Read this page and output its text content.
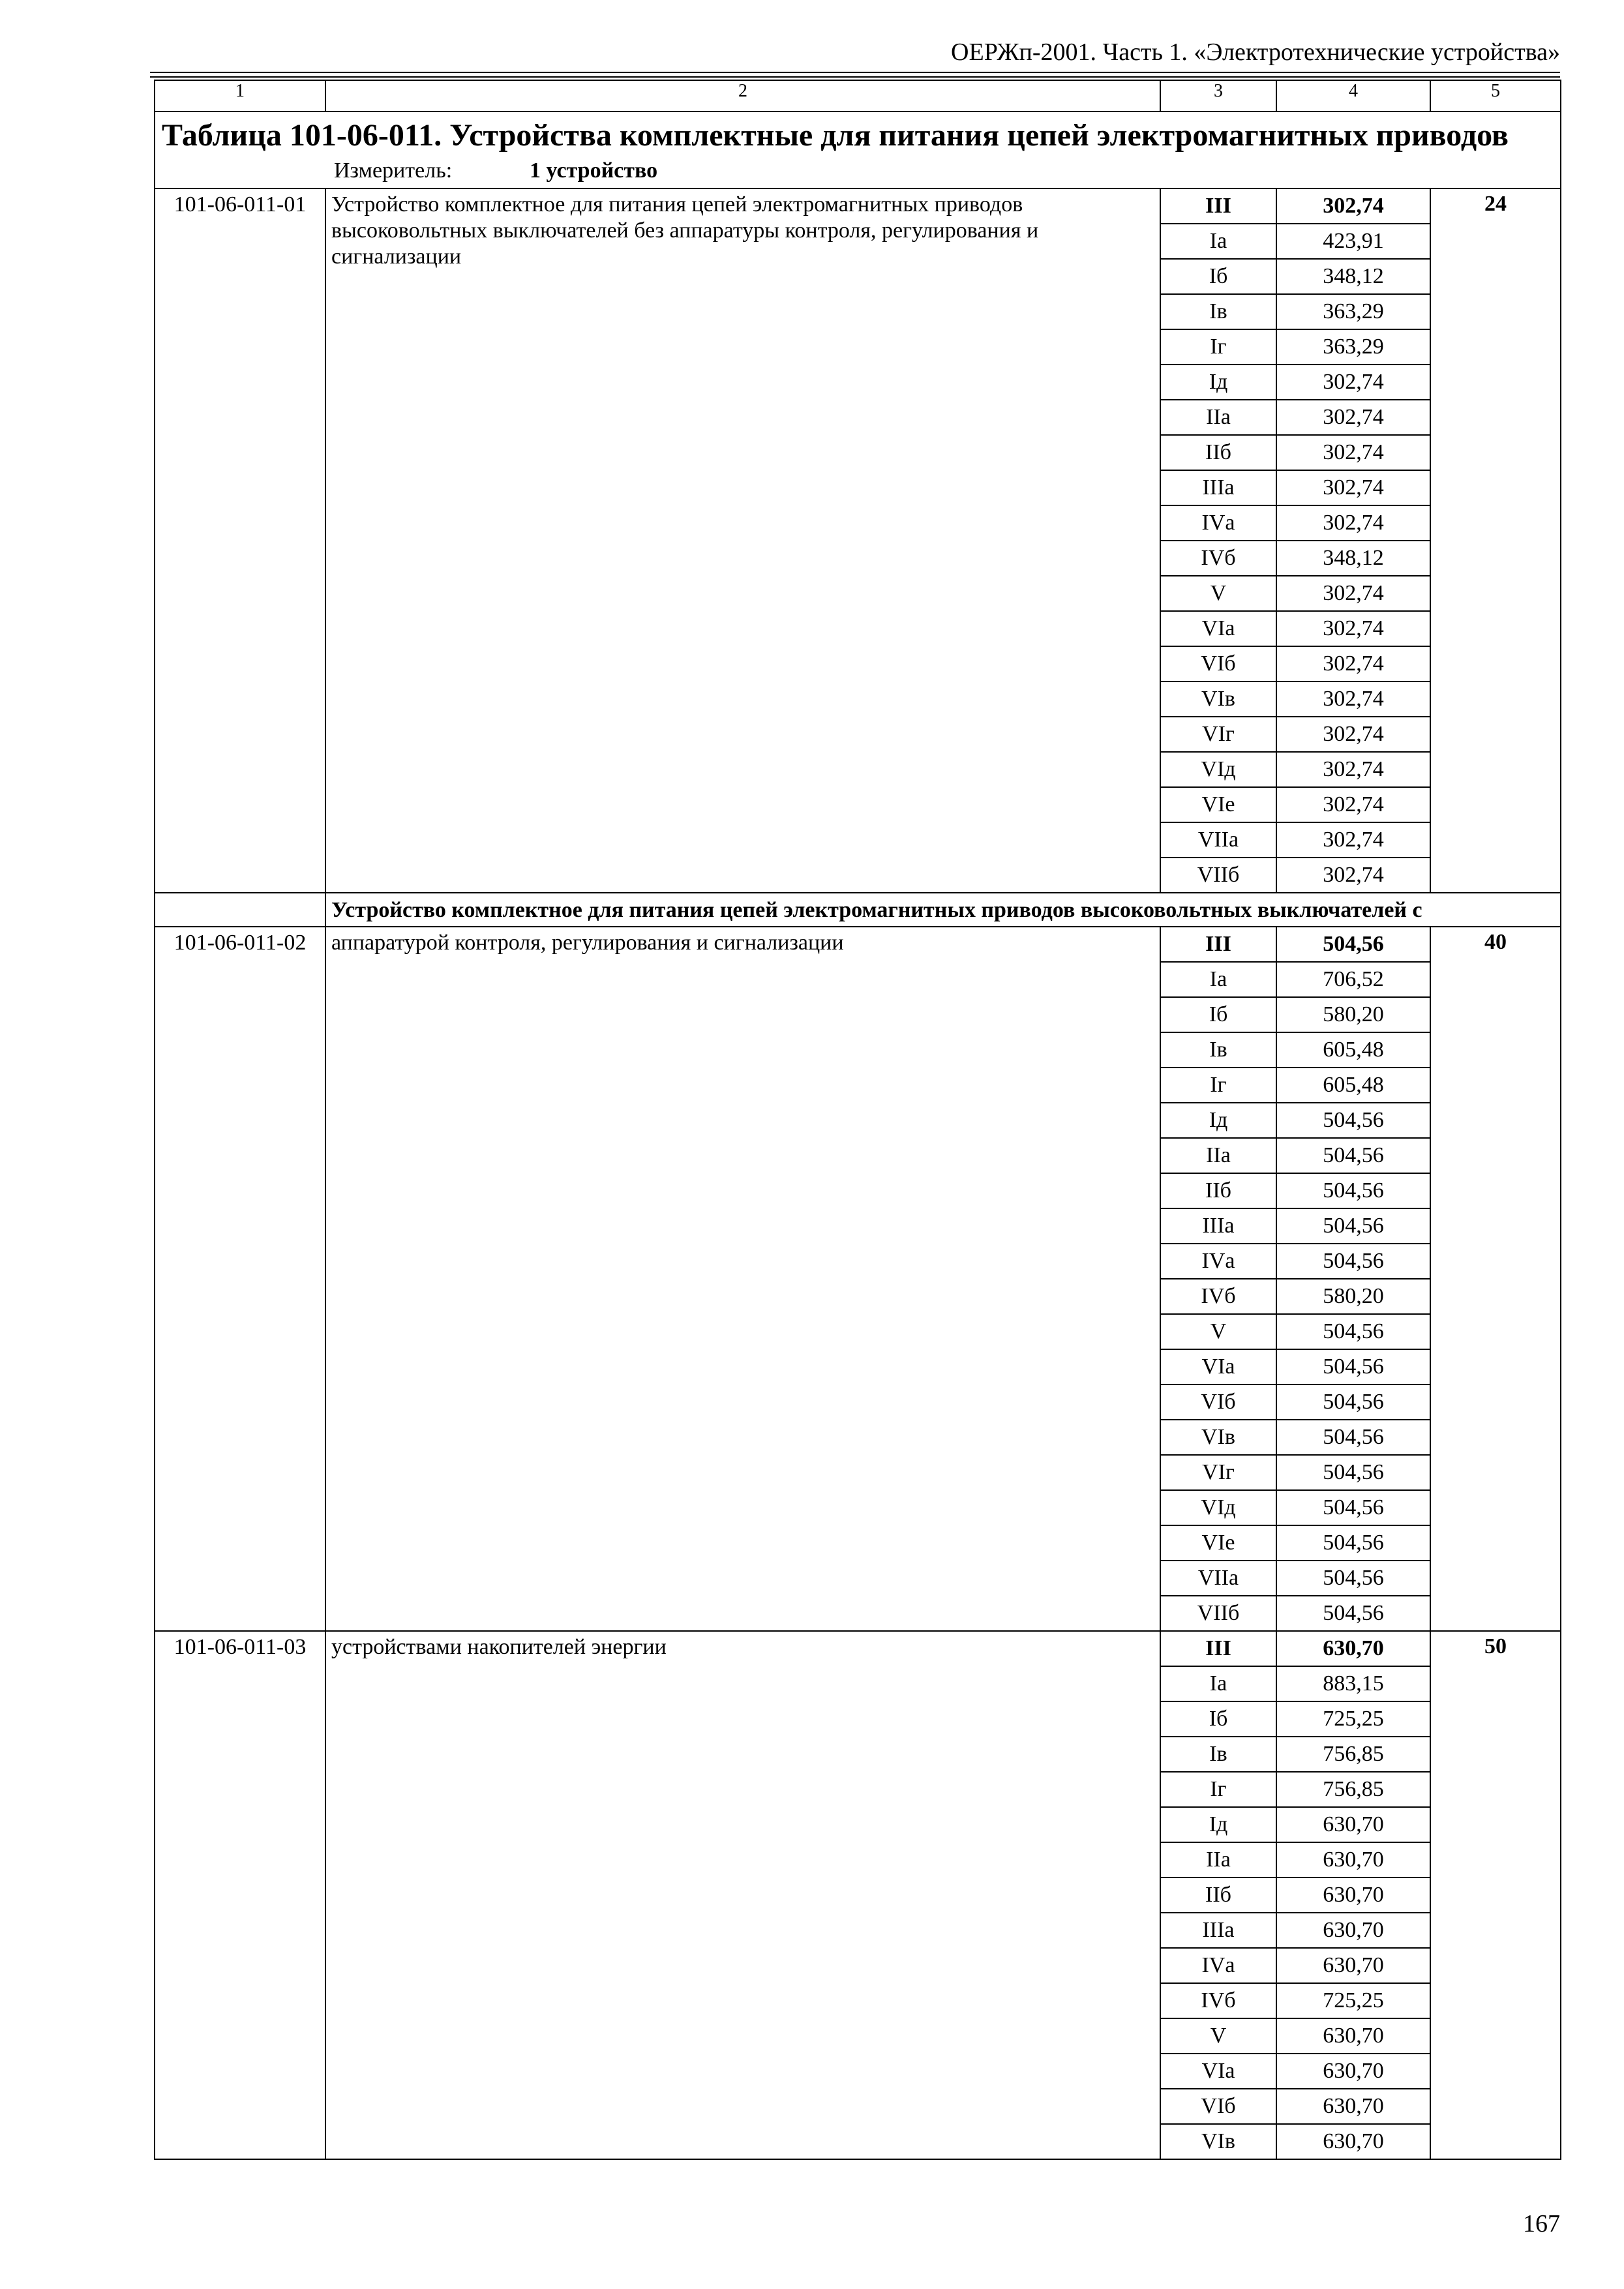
ОЕРЖп-2001. Часть 1. «Электротехнические устройства»
1	2	3	4	5

Таблица 101-06-011. Устройства комплектные для питания цепей электромагнитных приводов
Измеритель: 1 устройство				

101-06-011-01	Устройство комплектное для питания цепей электромагнитных приводов высоковольтных выключателей без аппаратуры контроля, регулирования и сигнализации	III	302,74	24
		Iа	423,91	
		Iб	348,12	
		Iв	363,29	
		Iг	363,29	
		Iд	302,74	
		IIа	302,74	
		IIб	302,74	
		IIIа	302,74	
		IVа	302,74	
		IVб	348,12	
		V	302,74	
		VIа	302,74	
		VIб	302,74	
		VIв	302,74	
		VIг	302,74	
		VIд	302,74	
		VIе	302,74	
		VIIа	302,74	
		VIIб	302,74	
	Устройство комплектное для питания цепей электромагнитных приводов высоковольтных выключателей с			
101-06-011-02	аппаратурой контроля, регулирования и сигнализации	III	504,56	40
		Iа	706,52	
		Iб	580,20	
		Iв	605,48	
		Iг	605,48	
		Iд	504,56	
		IIа	504,56	
		IIб	504,56	
		IIIа	504,56	
		IVа	504,56	
		IVб	580,20	
		V	504,56	
		VIа	504,56	
		VIб	504,56	
		VIв	504,56	
		VIг	504,56	
		VIд	504,56	
		VIе	504,56	
		VIIа	504,56	
		VIIб	504,56	
101-06-011-03	устройствами накопителей энергии	III	630,70	50
		Iа	883,15	
		Iб	725,25	
		Iв	756,85	
		Iг	756,85	
		Iд	630,70	
		IIа	630,70	
		IIб	630,70	
		IIIа	630,70	
		IVа	630,70	
		IVб	725,25	
		V	630,70	
		VIа	630,70	
		VIб	630,70	
		VIв	630,70	
167
